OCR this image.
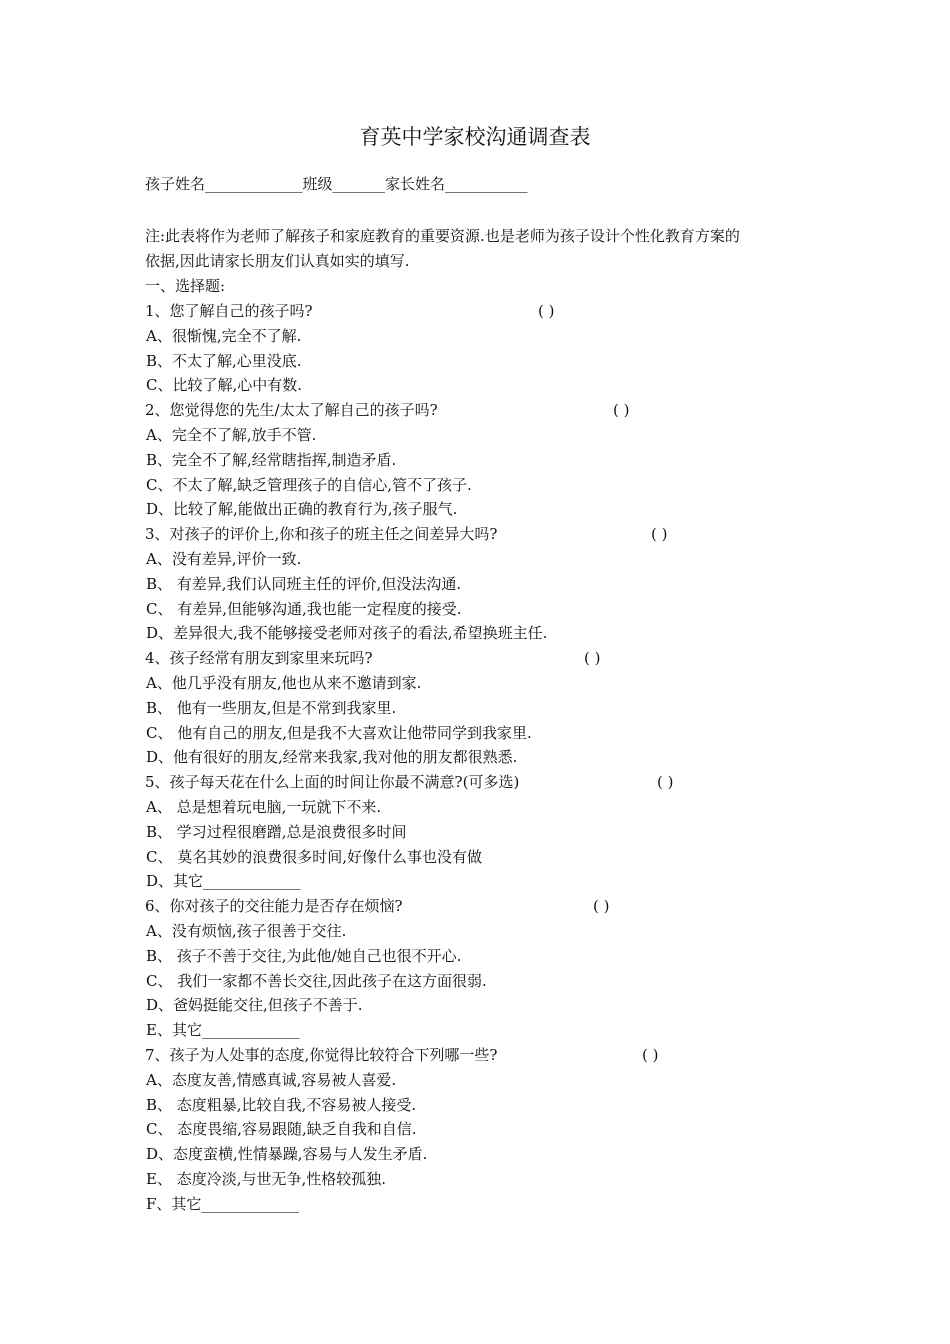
育英中学家校沟通调查表
孩子姓名_____________班级_______家长姓名___________
注:此表将作为老师了解孩子和家庭教育的重要资源.也是老师为孩子设计个性化教育方案的
依据,因此请家长朋友们认真如实的填写.
一、选择题:
1、您了解自己的孩子吗?	( )
A、很惭愧,完全不了解.
B、不太了解,心里没底.
C、比较了解,心中有数.
2、您觉得您的先生/太太了解自己的孩子吗?	( )
A、完全不了解,放手不管.
B、完全不了解,经常瞎指挥,制造矛盾.
C、不太了解,缺乏管理孩子的自信心,管不了孩子.
D、比较了解,能做出正确的教育行为,孩子服气.
3、对孩子的评价上,你和孩子的班主任之间差异大吗?	( )
A、没有差异,评价一致.
B、 有差异,我们认同班主任的评价,但没法沟通.
C、 有差异,但能够沟通,我也能一定程度的接受.
D、差异很大,我不能够接受老师对孩子的看法,希望换班主任.
4、孩子经常有朋友到家里来玩吗?	( )
A、他几乎没有朋友,他也从来不邀请到家.
B、 他有一些朋友,但是不常到我家里.
C、 他有自己的朋友,但是我不大喜欢让他带同学到我家里.
D、他有很好的朋友,经常来我家,我对他的朋友都很熟悉.
5、孩子每天花在什么上面的时间让你最不满意?(可多选)	( )
A、 总是想着玩电脑,一玩就下不来.
B、 学习过程很磨蹭,总是浪费很多时间
C、 莫名其妙的浪费很多时间,好像什么事也没有做
D、其它_____________
6、你对孩子的交往能力是否存在烦恼?	( )
A、没有烦恼,孩子很善于交往.
B、 孩子不善于交往,为此他/她自己也很不开心.
C、 我们一家都不善长交往,因此孩子在这方面很弱.
D、爸妈挺能交往,但孩子不善于.
E、其它_____________
7、孩子为人处事的态度,你觉得比较符合下列哪一些?	( )
A、态度友善,情感真诚,容易被人喜爱.
B、 态度粗暴,比较自我,不容易被人接受.
C、 态度畏缩,容易跟随,缺乏自我和自信.
D、态度蛮横,性情暴躁,容易与人发生矛盾.
E、 态度冷淡,与世无争,性格较孤独.
F、其它_____________
